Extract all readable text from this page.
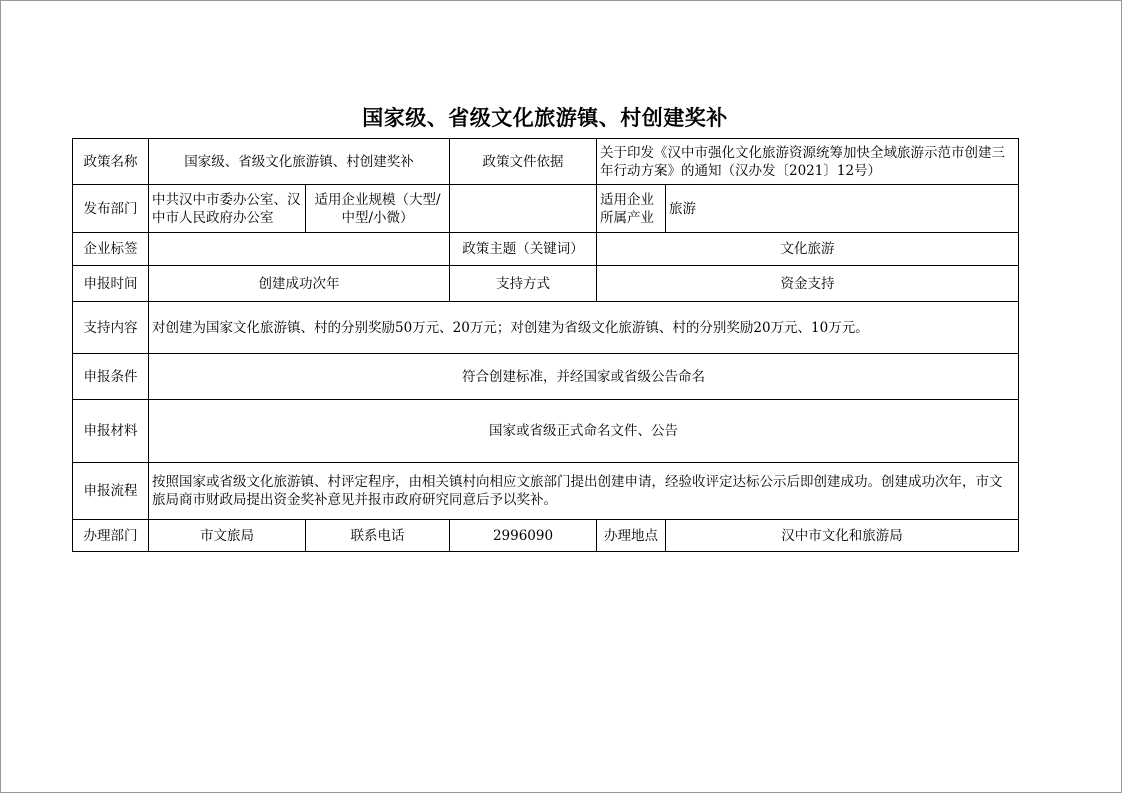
国家级、省级文化旅游镇、村创建奖补
政策名称	国家级、省级文化旅游镇、村创建奖补		政策文件依据	关于印发《汉中市强化文化旅游资源统筹加快全域旅游示范市创建三年行动方案》的通知（汉办发〔2021〕12号）	
发布部门	中共汉中市委办公室、汉中市人民政府办公室	适用企业规模（大型/中型/小微）		适用企业所属产业	旅游
企业标签			政策主题（关键词）	文化旅游	
申报时间	创建成功次年		支持方式	资金支持	
支持内容	对创建为国家文化旅游镇、村的分别奖励50万元、20万元；对创建为省级文化旅游镇、村的分别奖励20万元、10万元。				
申报条件	符合创建标准，并经国家或省级公告命名				
申报材料	国家或省级正式命名文件、公告				
申报流程	按照国家或省级文化旅游镇、村评定程序，由相关镇村向相应文旅部门提出创建申请，经验收评定达标公示后即创建成功。创建成功次年，市文旅局商市财政局提出资金奖补意见并报市政府研究同意后予以奖补。				
办理部门	市文旅局	联系电话	2996090	办理地点	汉中市文化和旅游局
